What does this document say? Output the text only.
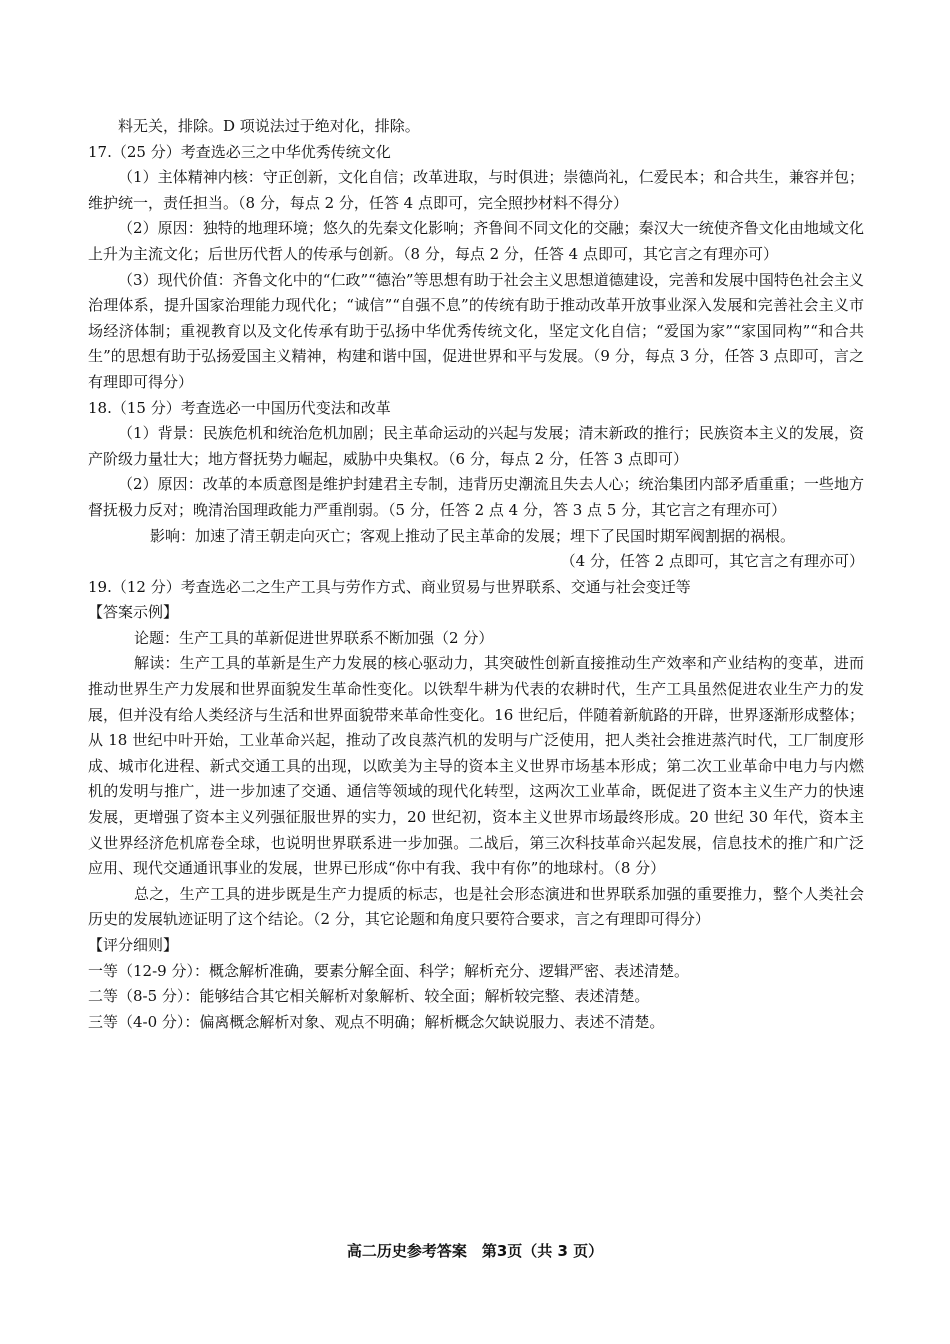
料无关，排除。D 项说法过于绝对化，排除。

17.（25 分）考查选必三之中华优秀传统文化

（1）主体精神内核：守正创新，文化自信；改革进取，与时俱进；崇德尚礼，仁爱民本；和合共生，兼容并包；维护统一，责任担当。（8 分，每点 2 分，任答 4 点即可，完全照抄材料不得分）

（2）原因：独特的地理环境；悠久的先秦文化影响；齐鲁间不同文化的交融；秦汉大一统使齐鲁文化由地域文化上升为主流文化；后世历代哲人的传承与创新。（8 分，每点 2 分，任答 4 点即可，其它言之有理亦可）

（3）现代价值：齐鲁文化中的“仁政”“德治”等思想有助于社会主义思想道德建设，完善和发展中国特色社会主义治理体系，提升国家治理能力现代化；“诚信”“自强不息”的传统有助于推动改革开放事业深入发展和完善社会主义市场经济体制；重视教育以及文化传承有助于弘扬中华优秀传统文化，坚定文化自信；“爱国为家”“家国同构”“和合共生”的思想有助于弘扬爱国主义精神，构建和谐中国，促进世界和平与发展。（9 分，每点 3 分，任答 3 点即可，言之有理即可得分）

18.（15 分）考查选必一中国历代变法和改革

（1）背景：民族危机和统治危机加剧；民主革命运动的兴起与发展；清末新政的推行；民族资本主义的发展，资产阶级力量壮大；地方督抚势力崛起，威胁中央集权。（6 分，每点 2 分，任答 3 点即可）

（2）原因：改革的本质意图是维护封建君主专制，违背历史潮流且失去人心；统治集团内部矛盾重重；一些地方督抚极力反对；晚清治国理政能力严重削弱。（5 分，任答 2 点 4 分，答 3 点 5 分，其它言之有理亦可）

影响：加速了清王朝走向灭亡；客观上推动了民主革命的发展；埋下了民国时期军阀割据的祸根。

（4 分，任答 2 点即可，其它言之有理亦可）

19.（12 分）考查选必二之生产工具与劳作方式、商业贸易与世界联系、交通与社会变迁等

【答案示例】

论题：生产工具的革新促进世界联系不断加强（2 分）

解读：生产工具的革新是生产力发展的核心驱动力，其突破性创新直接推动生产效率和产业结构的变革，进而推动世界生产力发展和世界面貌发生革命性变化。以铁犁牛耕为代表的农耕时代，生产工具虽然促进农业生产力的发展，但并没有给人类经济与生活和世界面貌带来革命性变化。16 世纪后，伴随着新航路的开辟，世界逐渐形成整体；从 18 世纪中叶开始，工业革命兴起，推动了改良蒸汽机的发明与广泛使用，把人类社会推进蒸汽时代，工厂制度形成、城市化进程、新式交通工具的出现，以欧美为主导的资本主义世界市场基本形成；第二次工业革命中电力与内燃机的发明与推广，进一步加速了交通、通信等领域的现代化转型，这两次工业革命，既促进了资本主义生产力的快速发展，更增强了资本主义列强征服世界的实力，20 世纪初，资本主义世界市场最终形成。20 世纪 30 年代，资本主义世界经济危机席卷全球，也说明世界联系进一步加强。二战后，第三次科技革命兴起发展，信息技术的推广和广泛应用、现代交通通讯事业的发展，世界已形成“你中有我、我中有你”的地球村。（8 分）

总之，生产工具的进步既是生产力提质的标志，也是社会形态演进和世界联系加强的重要推力，整个人类社会历史的发展轨迹证明了这个结论。（2 分，其它论题和角度只要符合要求，言之有理即可得分）

【评分细则】

一等（12-9 分）：概念解析准确，要素分解全面、科学；解析充分、逻辑严密、表述清楚。

二等（8-5 分）：能够结合其它相关解析对象解析、较全面；解析较完整、表述清楚。

三等（4-0 分）：偏离概念解析对象、观点不明确；解析概念欠缺说服力、表述不清楚。

高二历史参考答案　第3页（共 3 页）
